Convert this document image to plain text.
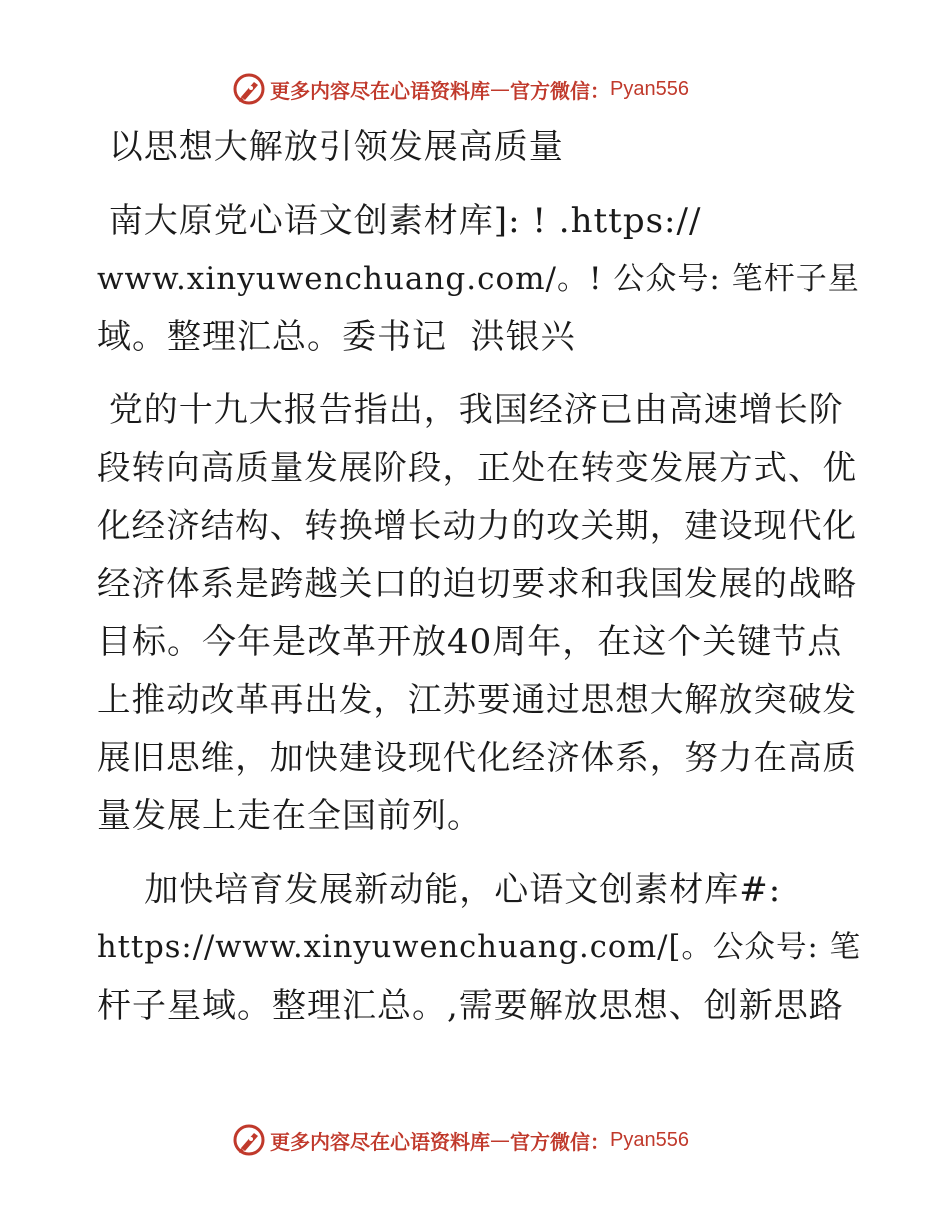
更多内容尽在心语资料库 — 官方微信： Pyan556
以思想大解放引领发展高质量
南大原党心语文创素材库]: ! .https://
www.xinyuwenchuang.com/。! 公众号: 笔杆子星
域。整理汇总。委书记  洪银兴
党的十九大报告指出，我国经济已由高速增长阶
段转向高质量发展阶段，正处在转变发展方式、优
化经济结构、转换增长动力的攻关期，建设现代化
经济体系是跨越关口的迫切要求和我国发展的战略
目标。今年是改革开放40周年，在这个关键节点
上推动改革再出发，江苏要通过思想大解放突破发
展旧思维，加快建设现代化经济体系，努力在高质
量发展上走在全国前列。
加快培育发展新动能，心语文创素材库#:
https://www.xinyuwenchuang.com/[。公众号: 笔
杆子星域。整理汇总。,需要解放思想、创新思路
更多内容尽在心语资料库 — 官方微信： Pyan556
